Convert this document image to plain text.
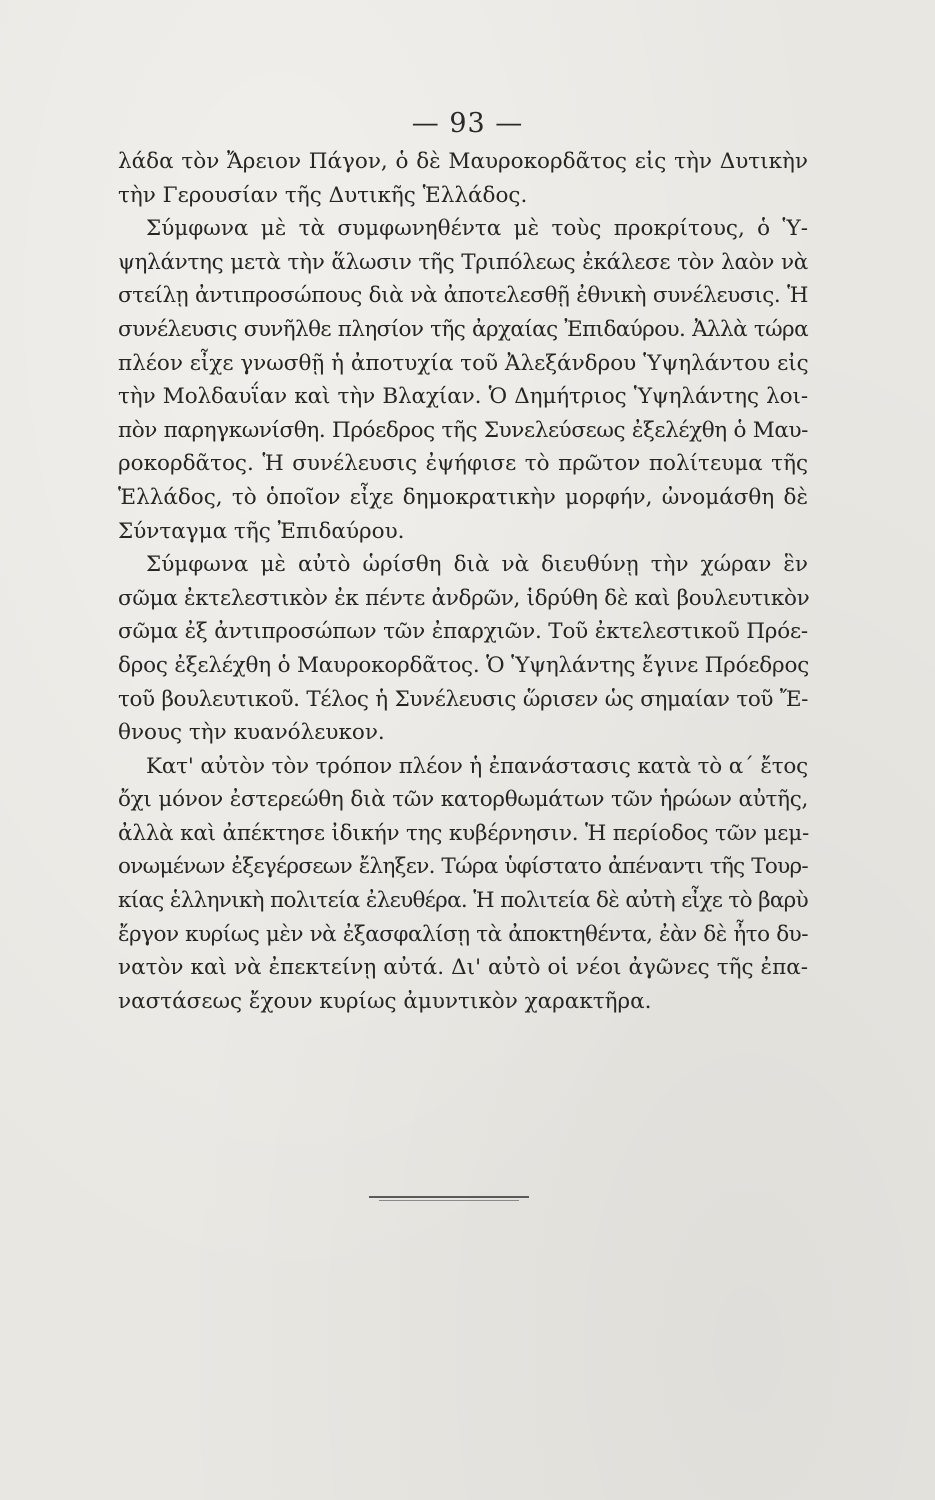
— 93 —
λάδα τὸν Ἄρειον Πάγον, ὁ δὲ Μαυροκορδᾶτος εἰς τὴν Δυτικὴν
τὴν Γερουσίαν τῆς Δυτικῆς Ἑλλάδος.
Σύμφωνα μὲ τὰ συμφωνηθέντα μὲ τοὺς προκρίτους, ὁ Ὑ-
ψηλάντης μετὰ τὴν ἅλωσιν τῆς Τριπόλεως ἐκάλεσε τὸν λαὸν νὰ
στείλῃ ἀντιπροσώπους διὰ νὰ ἀποτελεσθῇ ἐθνικὴ συνέλευσις. Ἡ
συνέλευσις συνῆλθε πλησίον τῆς ἀρχαίας Ἐπιδαύρου. Ἀλλὰ τώρα
πλέον εἶχε γνωσθῇ ἡ ἀποτυχία τοῦ Ἀλεξάνδρου Ὑψηλάντου εἰς
τὴν Μολδαυΐαν καὶ τὴν Βλαχίαν. Ὁ Δημήτριος Ὑψηλάντης λοι-
πὸν παρηγκωνίσθη. Πρόεδρος τῆς Συνελεύσεως ἐξελέχθη ὁ Μαυ-
ροκορδᾶτος. Ἡ συνέλευσις ἐψήφισε τὸ πρῶτον πολίτευμα τῆς
Ἑλλάδος, τὸ ὁποῖον εἶχε δημοκρατικὴν μορφήν, ὠνομάσθη δὲ
Σύνταγμα τῆς Ἐπιδαύρου.
Σύμφωνα μὲ αὐτὸ ὡρίσθη διὰ νὰ διευθύνῃ τὴν χώραν ἓν
σῶμα ἐκτελεστικὸν ἐκ πέντε ἀνδρῶν, ἱδρύθη δὲ καὶ βουλευτικὸν
σῶμα ἐξ ἀντιπροσώπων τῶν ἐπαρχιῶν. Τοῦ ἐκτελεστικοῦ Πρόε-
δρος ἐξελέχθη ὁ Μαυροκορδᾶτος. Ὁ Ὑψηλάντης ἔγινε Πρόεδρος
τοῦ βουλευτικοῦ. Τέλος ἡ Συνέλευσις ὥρισεν ὡς σημαίαν τοῦ Ἔ-
θνους τὴν κυανόλευκον.
Κατ' αὐτὸν τὸν τρόπον πλέον ἡ ἐπανάστασις κατὰ τὸ α΄ ἔτος
ὄχι μόνον ἐστερεώθη διὰ τῶν κατορθωμάτων τῶν ἡρώων αὐτῆς,
ἀλλὰ καὶ ἀπέκτησε ἰδικήν της κυβέρνησιν. Ἡ περίοδος τῶν μεμ-
ονωμένων ἐξεγέρσεων ἔληξεν. Τώρα ὑφίστατο ἀπέναντι τῆς Τουρ-
κίας ἑλληνικὴ πολιτεία ἐλευθέρα. Ἡ πολιτεία δὲ αὐτὴ εἶχε τὸ βαρὺ
ἔργον κυρίως μὲν νὰ ἐξασφαλίσῃ τὰ ἀποκτηθέντα, ἐὰν δὲ ἦτο δυ-
νατὸν καὶ νὰ ἐπεκτείνῃ αὐτά. Δι' αὐτὸ οἱ νέοι ἀγῶνες τῆς ἐπα-
ναστάσεως ἔχουν κυρίως ἀμυντικὸν χαρακτῆρα.
